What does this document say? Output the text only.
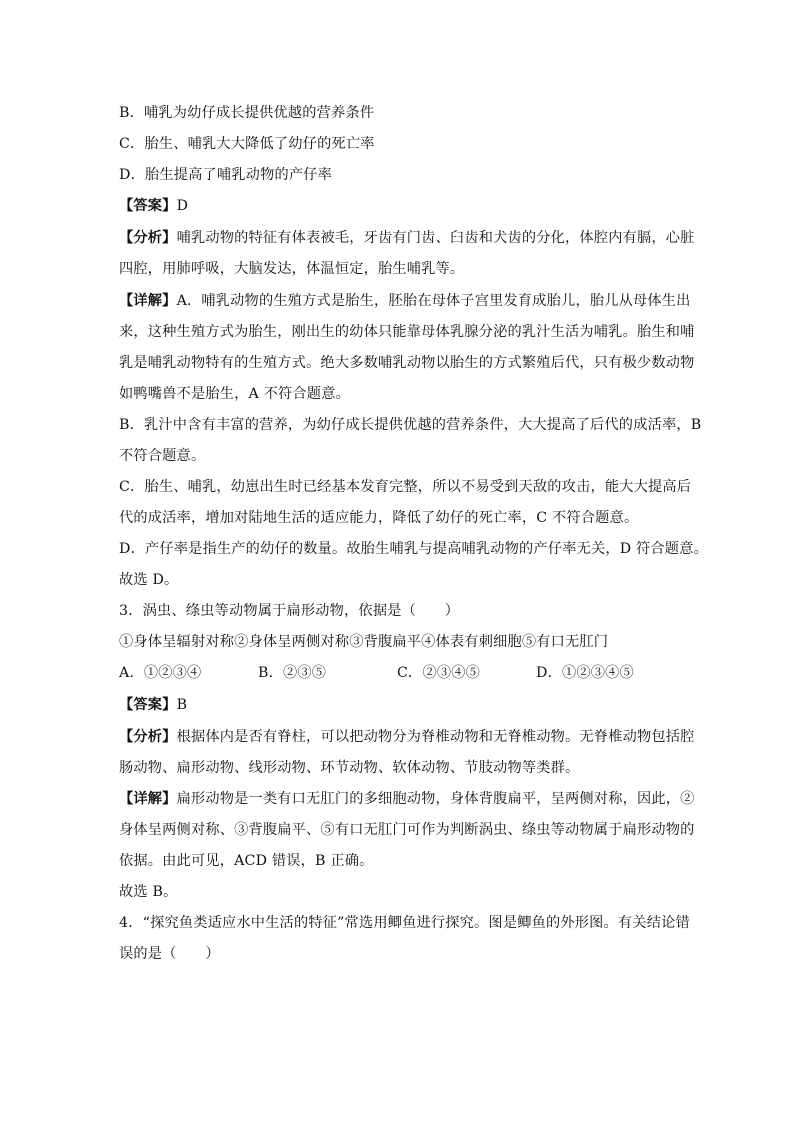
B．哺乳为幼仔成长提供优越的营养条件
C．胎生、哺乳大大降低了幼仔的死亡率
D．胎生提高了哺乳动物的产仔率
【答案】D
【分析】哺乳动物的特征有体表被毛，牙齿有门齿、臼齿和犬齿的分化，体腔内有膈，心脏
四腔，用肺呼吸，大脑发达，体温恒定，胎生哺乳等。
【详解】A．哺乳动物的生殖方式是胎生，胚胎在母体子宫里发育成胎儿，胎儿从母体生出
来，这种生殖方式为胎生，刚出生的幼体只能靠母体乳腺分泌的乳汁生活为哺乳。胎生和哺
乳是哺乳动物特有的生殖方式。绝大多数哺乳动物以胎生的方式繁殖后代，只有极少数动物
如鸭嘴兽不是胎生，A 不符合题意。
B．乳汁中含有丰富的营养，为幼仔成长提供优越的营养条件，大大提高了后代的成活率，B
不符合题意。
C．胎生、哺乳，幼崽出生时已经基本发育完整，所以不易受到天敌的攻击，能大大提高后
代的成活率，增加对陆地生活的适应能力，降低了幼仔的死亡率，C 不符合题意。
D．产仔率是指生产的幼仔的数量。故胎生哺乳与提高哺乳动物的产仔率无关，D 符合题意。
故选 D。
3．涡虫、绦虫等动物属于扁形动物，依据是（　　）
①身体呈辐射对称②身体呈两侧对称③背腹扁平④体表有刺细胞⑤有口无肛门
A．①②③④	B．②③⑤	C．②③④⑤	D．①②③④⑤
【答案】B
【分析】根据体内是否有脊柱，可以把动物分为脊椎动物和无脊椎动物。无脊椎动物包括腔
肠动物、扁形动物、线形动物、环节动物、软体动物、节肢动物等类群。
【详解】扁形动物是一类有口无肛门的多细胞动物，身体背腹扁平，呈两侧对称，因此，②
身体呈两侧对称、③背腹扁平、⑤有口无肛门可作为判断涡虫、绦虫等动物属于扁形动物的
依据。由此可见，ACD 错误，B 正确。
故选 B。
4．“探究鱼类适应水中生活的特征”常选用鲫鱼进行探究。图是鲫鱼的外形图。有关结论错
误的是（　　）
